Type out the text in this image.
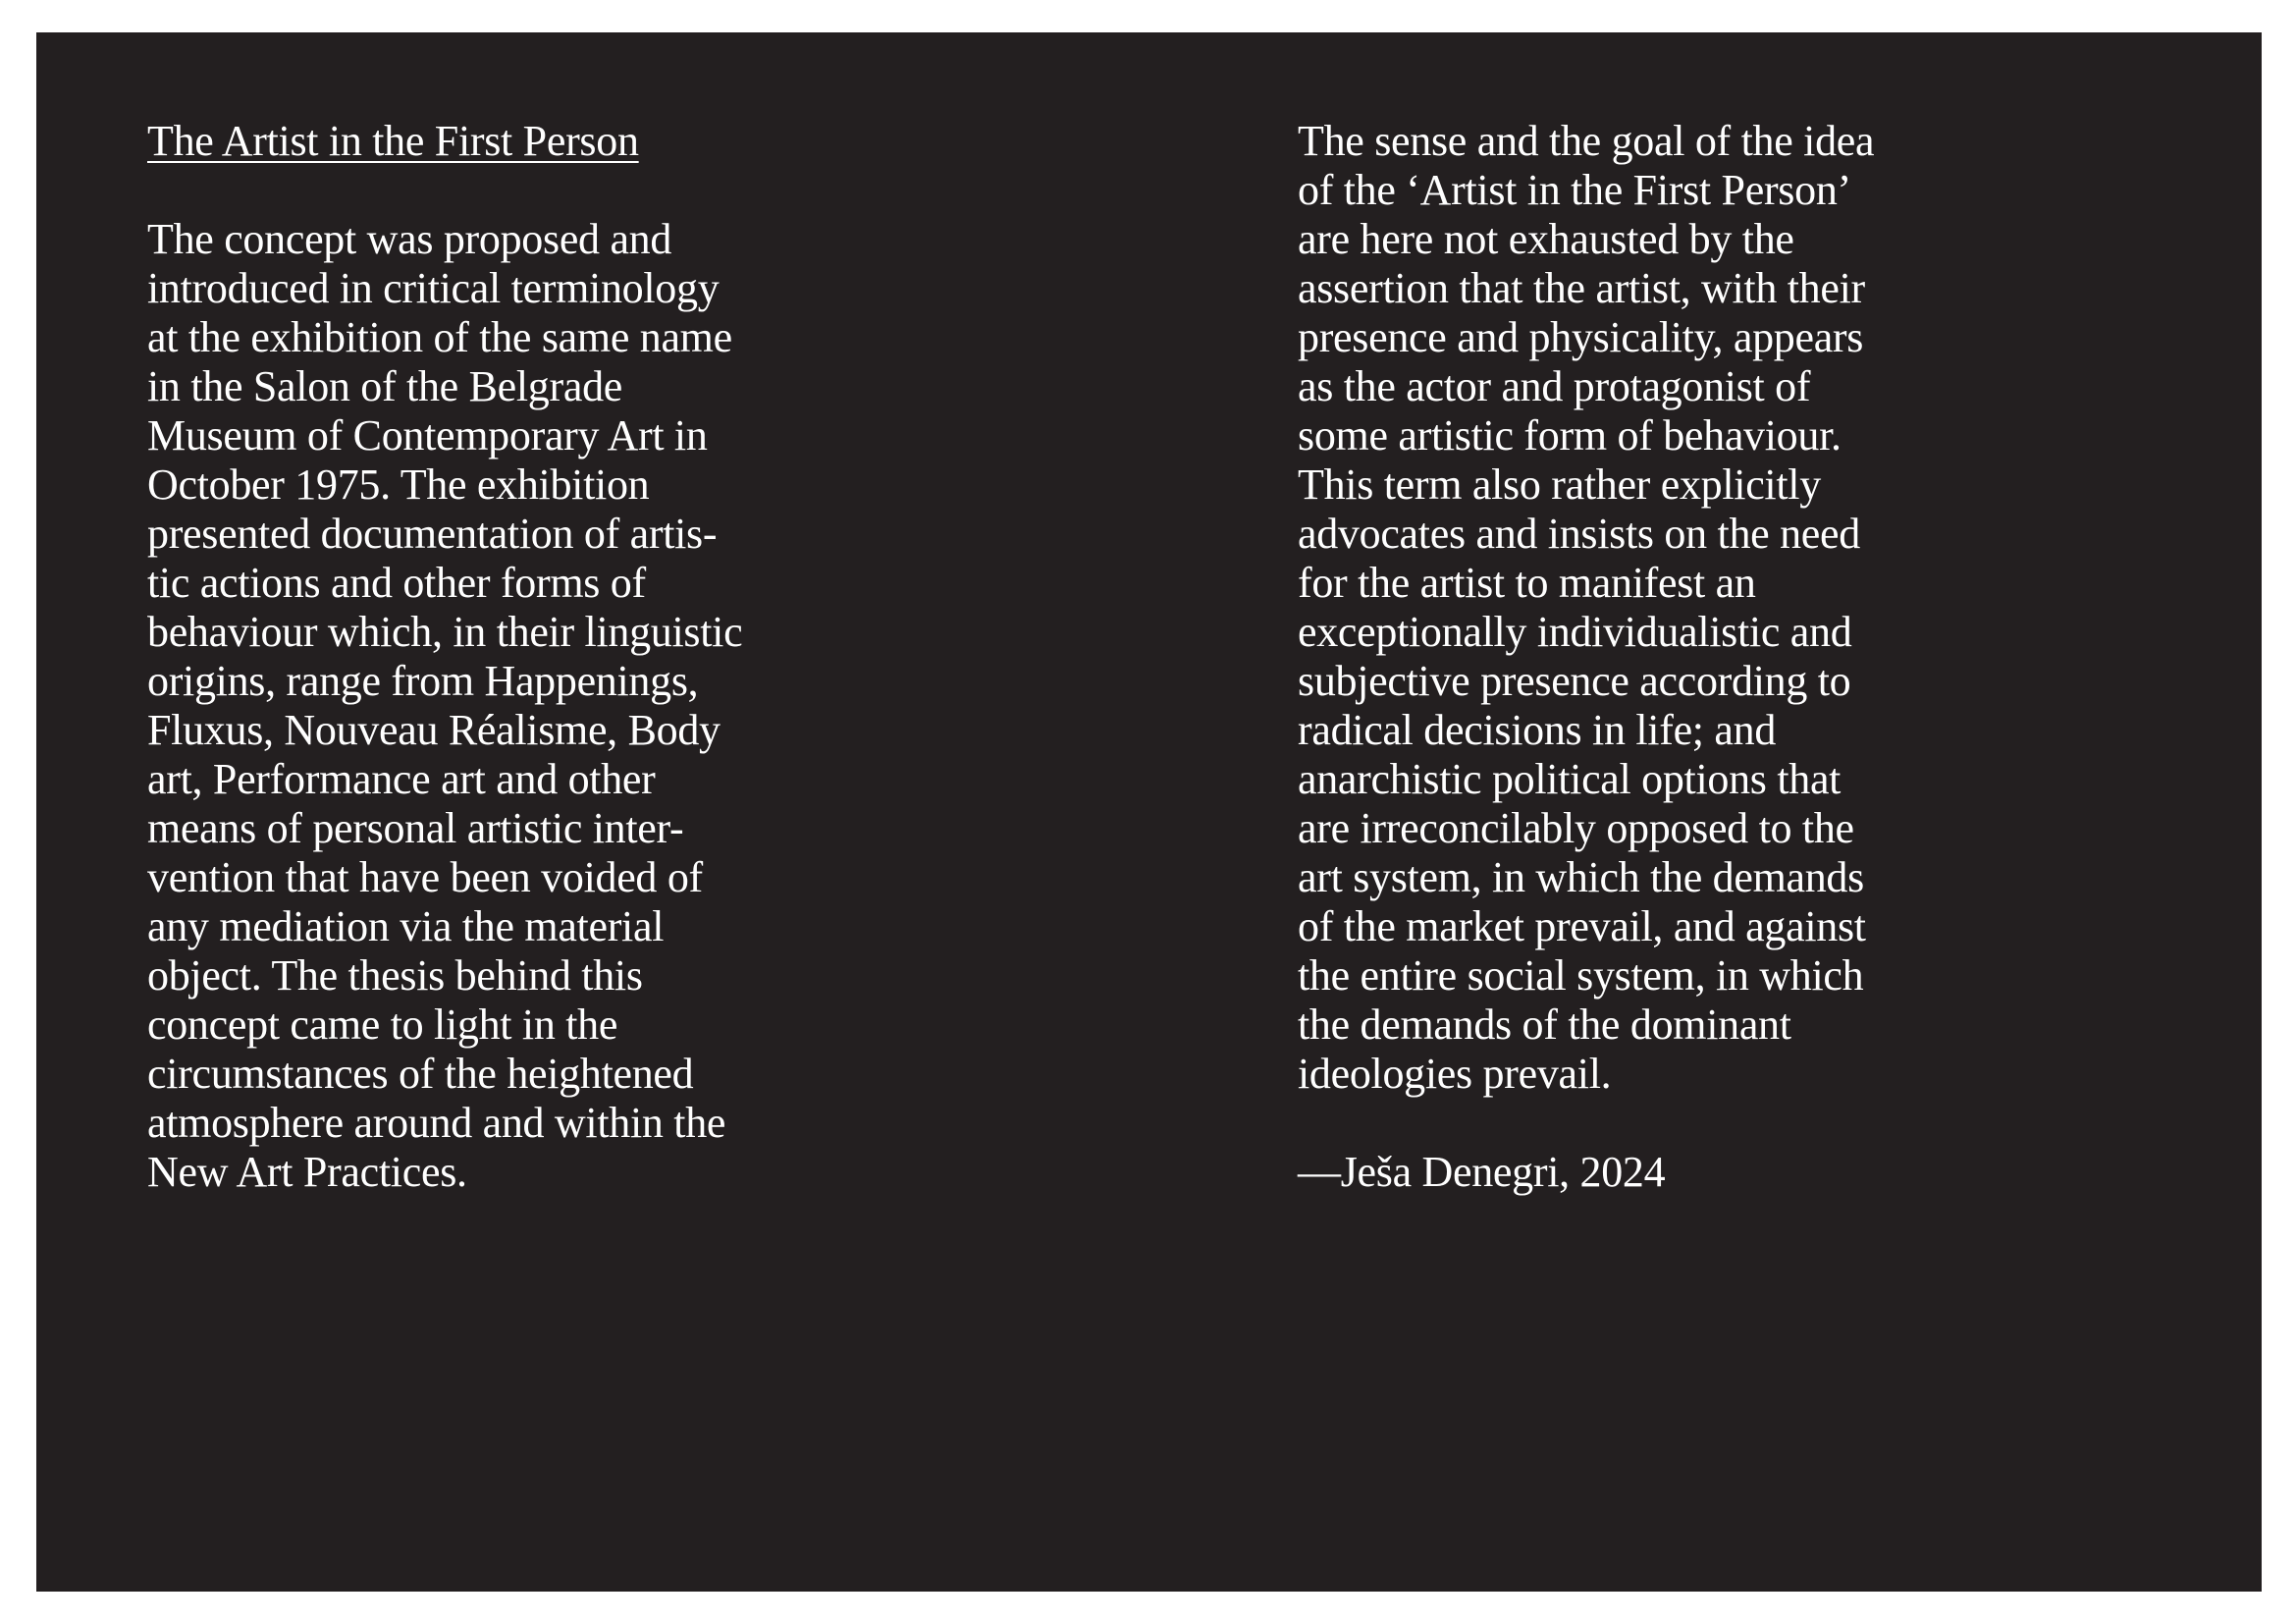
The Artist in the First Person
The concept was proposed and
introduced in critical terminology
at the exhibition of the same name
in the Salon of the Belgrade
Museum of Contemporary Art in
October 1975. The exhibition
presented documentation of artis-
tic actions and other forms of
behaviour which, in their linguistic
origins, range from Happenings,
Fluxus, Nouveau Réalisme, Body
art, Performance art and other
means of personal artistic inter-
vention that have been voided of
any mediation via the material
object. The thesis behind this
concept came to light in the
circumstances of the heightened
atmosphere around and within the
New Art Practices.
The sense and the goal of the idea
of the ‘Artist in the First Person’
are here not exhausted by the
assertion that the artist, with their
presence and physicality, appears
as the actor and protagonist of
some artistic form of behaviour.
This term also rather explicitly
advocates and insists on the need
for the artist to manifest an
exceptionally individualistic and
subjective presence according to
radical decisions in life; and
anarchistic political options that
are irreconcilably opposed to the
art system, in which the demands
of the market prevail, and against
the entire social system, in which
the demands of the dominant
ideologies prevail.
—Ješa Denegri, 2024
